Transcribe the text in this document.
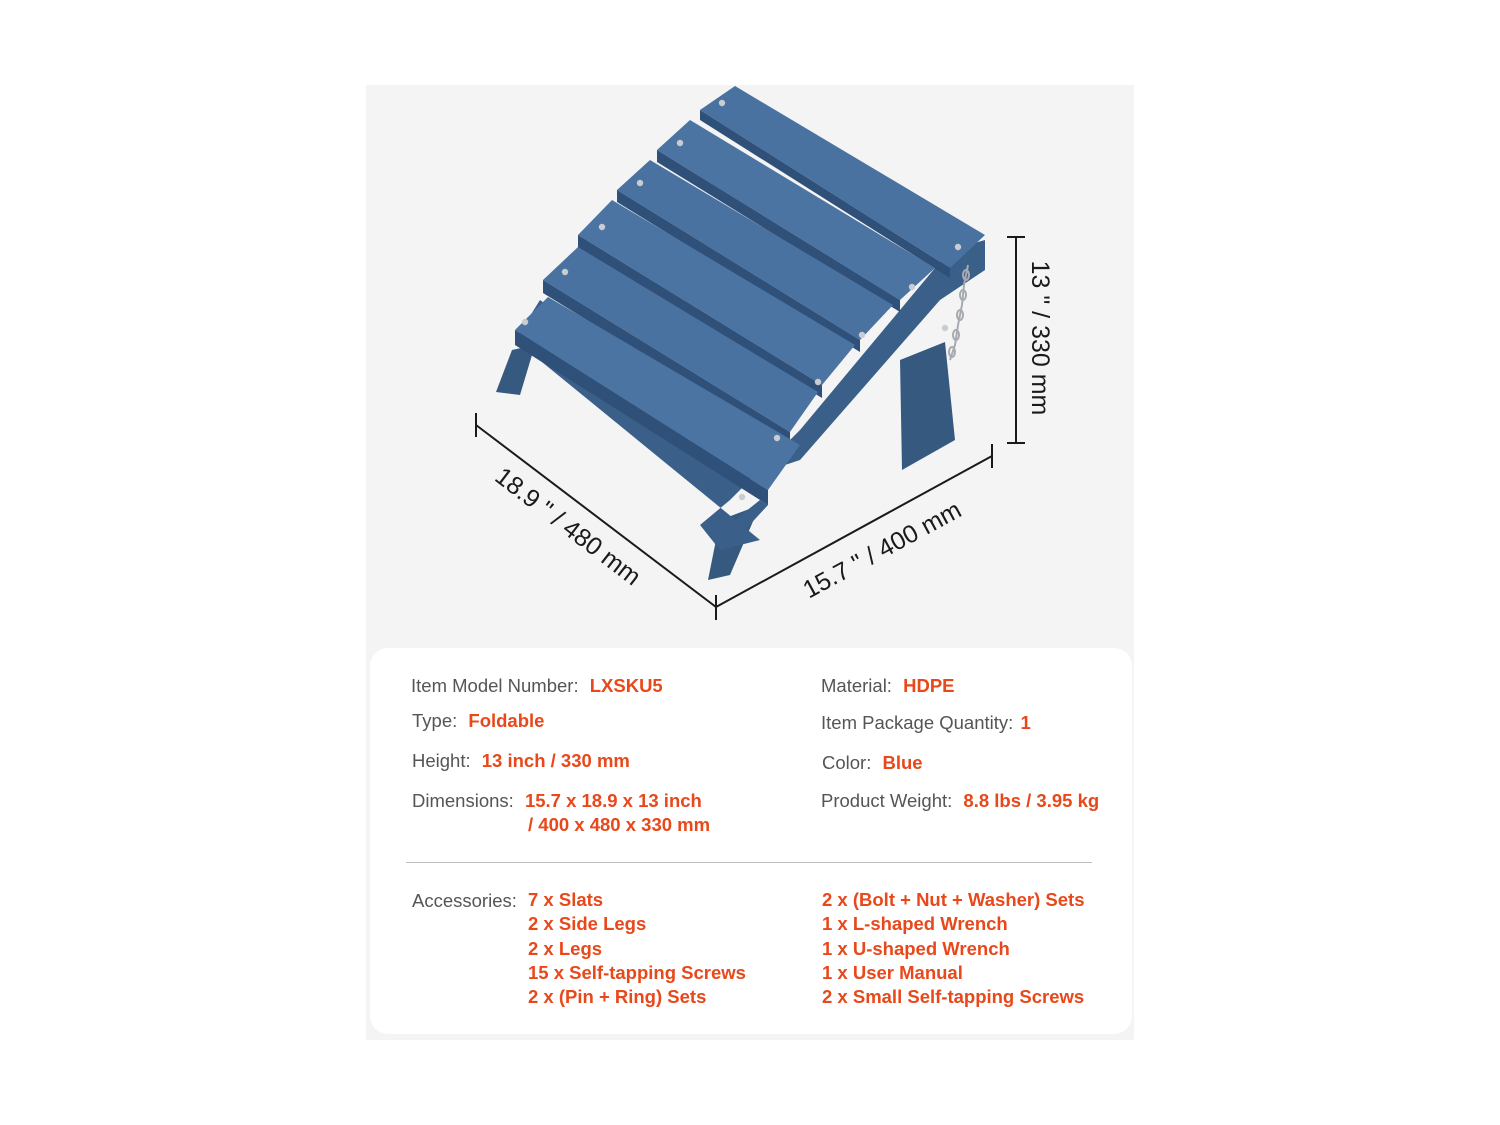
13 " / 330 mm
18.9 " / 480 mm	15.7 " / 400 mm
Item Model Number: LXSKU5
Type: Foldable
Height: 13 inch / 330 mm
Dimensions: 15.7 x 18.9 x 13 inch
/ 400 x 480 x 330 mm
Material: HDPE
Item Package Quantity: 1
Color: Blue
Product Weight: 8.8 lbs / 3.95 kg
Accessories: 7 x Slats
2 x Side Legs
2 x Legs
15 x Self-tapping Screws
2 x (Pin + Ring) Sets
2 x (Bolt + Nut + Washer) Sets
1 x L-shaped Wrench
1 x U-shaped Wrench
1 x User Manual
2 x Small Self-tapping Screws
